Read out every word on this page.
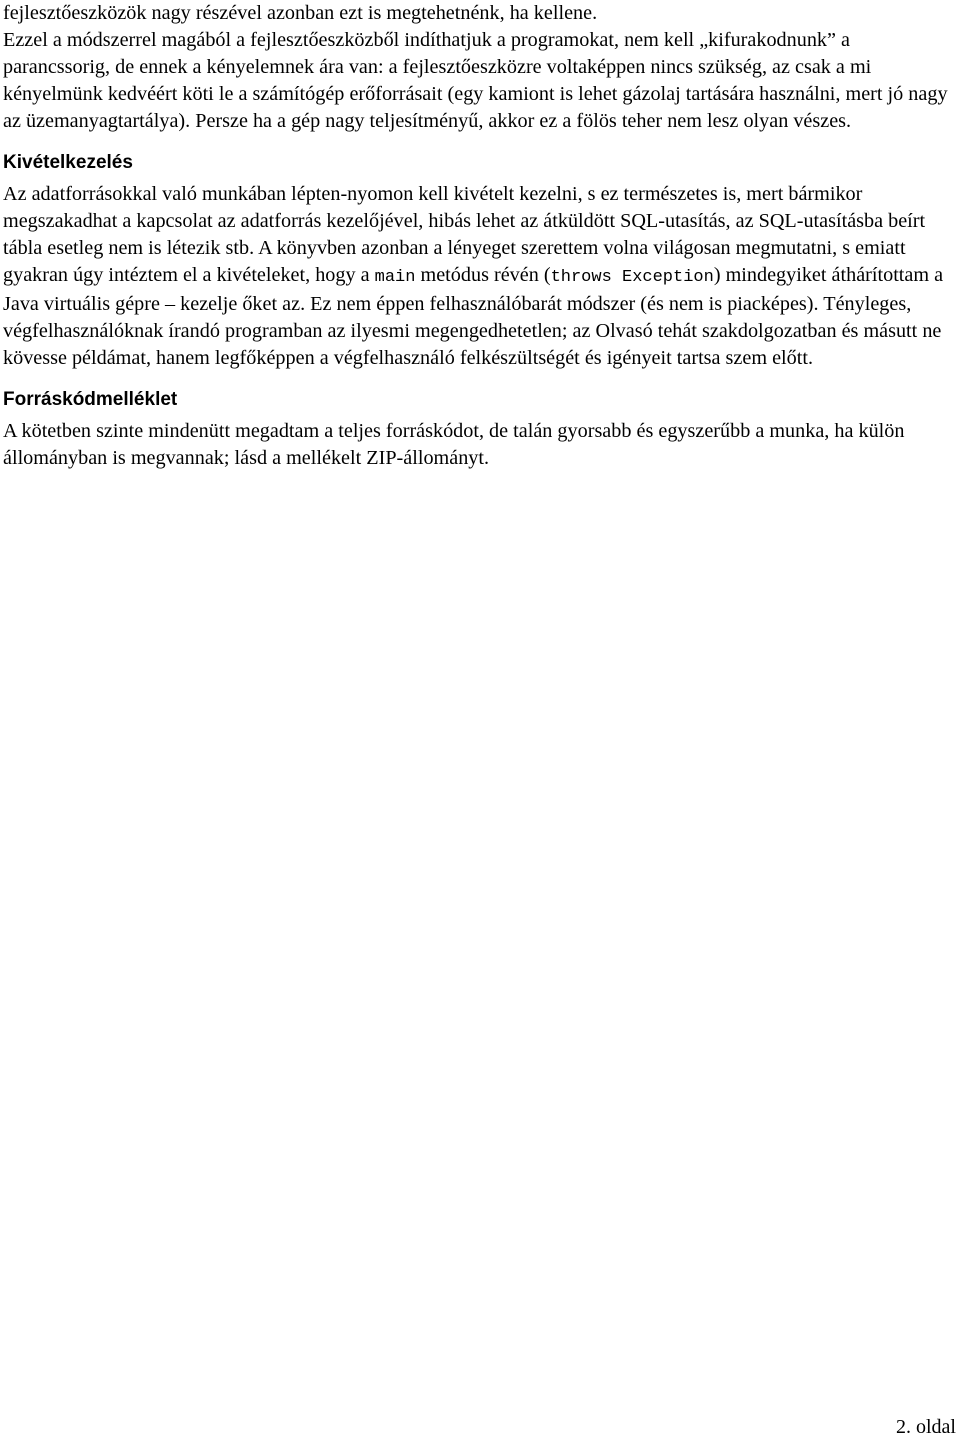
fejlesztőeszközök nagy részével azonban ezt is megtehetnénk, ha kellene.
Ezzel a módszerrel magából a fejlesztőeszközből indíthatjuk a programokat, nem kell „kifurakodnunk” a parancssorig, de ennek a kényelemnek ára van: a fejlesztőeszközre voltaképpen nincs szükség, az csak a mi kényelmünk kedvéért köti le a számítógép erőforrásait (egy kamiont is lehet gázolaj tartására használni, mert jó nagy az üzemanyagtartálya). Persze ha a gép nagy teljesítményű, akkor ez a fölös teher nem lesz olyan vészes.

Kivételkezelés

Az adatforrásokkal való munkában lépten-nyomon kell kivételt kezelni, s ez természetes is, mert bármikor megszakadhat a kapcsolat az adatforrás kezelőjével, hibás lehet az átküldött SQL-utasítás, az SQL-utasításba beírt tábla esetleg nem is létezik stb. A könyvben azonban a lényeget szerettem volna világosan megmutatni, s emiatt gyakran úgy intéztem el a kivételeket, hogy a main metódus révén (throws Exception) mindegyiket áthárítottam a Java virtuális gépre – kezelje őket az. Ez nem éppen felhasználóbarát módszer (és nem is piacképes). Tényleges, végfelhasználóknak írandó programban az ilyesmi megengedhetetlen; az Olvasó tehát szakdolgozatban és másutt ne kövesse példámat, hanem legfőképpen a végfelhasználó felkészültségét és igényeit tartsa szem előtt.

Forráskódmelléklet

A kötetben szinte mindenütt megadtam a teljes forráskódot, de talán gyorsabb és egyszerűbb a munka, ha külön állományban is megvannak; lásd a mellékelt ZIP-állományt.

2. oldal
